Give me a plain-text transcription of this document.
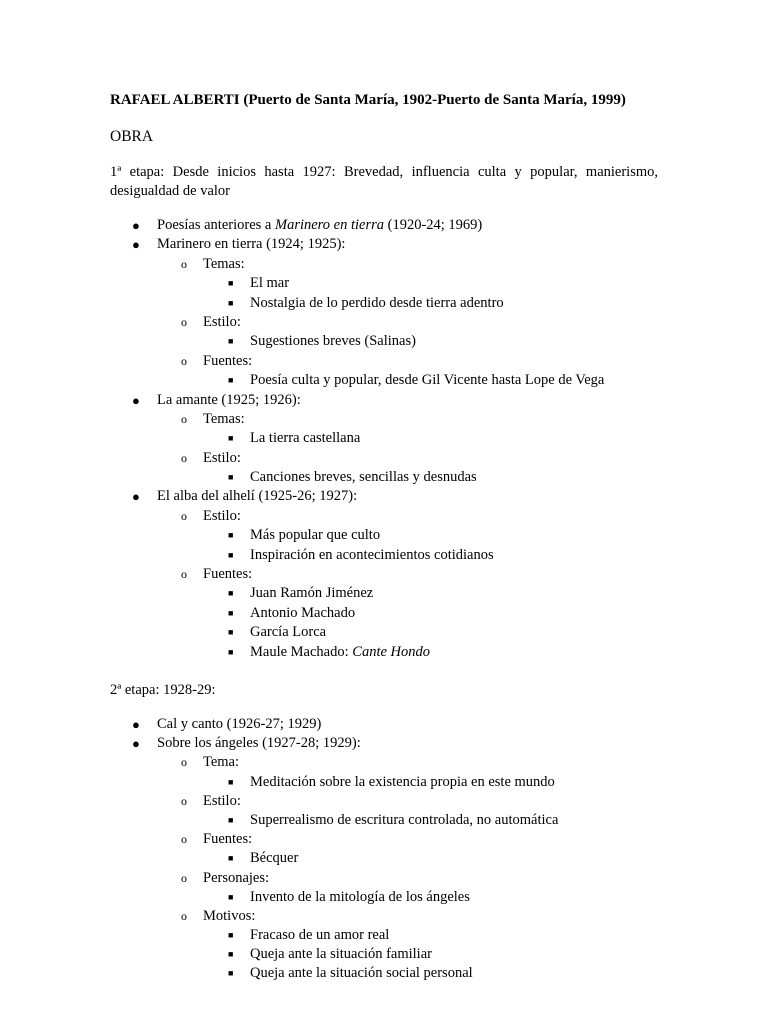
RAFAEL ALBERTI (Puerto de Santa María, 1902-Puerto de Santa María, 1999)
OBRA
1ª etapa: Desde inicios hasta 1927: Brevedad, influencia culta y popular, manierismo, desigualdad de valor
● Poesías anteriores a Marinero en tierra (1920-24; 1969)
● Marinero en tierra (1924; 1925):
o Temas:
■ El mar
■ Nostalgia de lo perdido desde tierra adentro
o Estilo:
■ Sugestiones breves (Salinas)
o Fuentes:
■ Poesía culta y popular, desde Gil Vicente hasta Lope de Vega
● La amante (1925; 1926):
o Temas:
■ La tierra castellana
o Estilo:
■ Canciones breves, sencillas y desnudas
● El alba del alhelí (1925-26; 1927):
o Estilo:
■ Más popular que culto
■ Inspiración en acontecimientos cotidianos
o Fuentes:
■ Juan Ramón Jiménez
■ Antonio Machado
■ García Lorca
■ Maule Machado: Cante Hondo
2ª etapa: 1928-29:
● Cal y canto (1926-27; 1929)
● Sobre los ángeles (1927-28; 1929):
o Tema:
■ Meditación sobre la existencia propia en este mundo
o Estilo:
■ Superrealismo de escritura controlada, no automática
o Fuentes:
■ Bécquer
o Personajes:
■ Invento de la mitología de los ángeles
o Motivos:
■ Fracaso de un amor real
■ Queja ante la situación familiar
■ Queja ante la situación social personal
